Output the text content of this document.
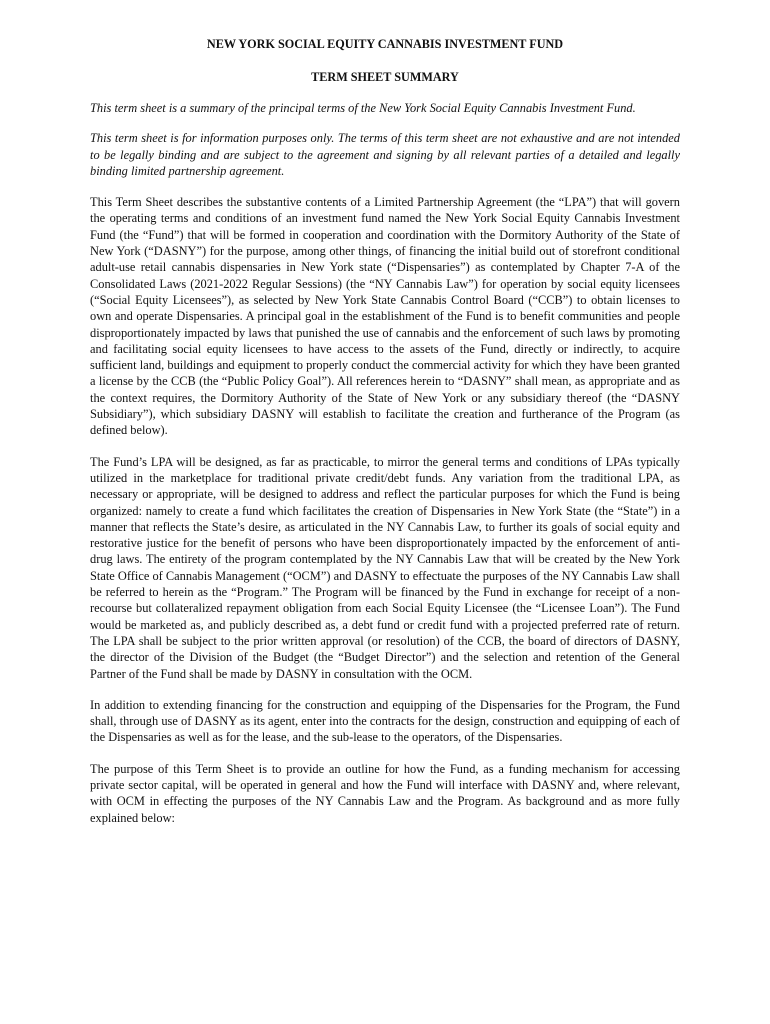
NEW YORK SOCIAL EQUITY CANNABIS INVESTMENT FUND
TERM SHEET SUMMARY

This term sheet is a summary of the principal terms of the New York Social Equity Cannabis Investment Fund.

This term sheet is for information purposes only. The terms of this term sheet are not exhaustive and are not intended to be legally binding and are subject to the agreement and signing by all relevant parties of a detailed and legally binding limited partnership agreement.

This Term Sheet describes the substantive contents of a Limited Partnership Agreement (the “LPA”) that will govern the operating terms and conditions of an investment fund named the New York Social Equity Cannabis Investment Fund (the “Fund”) that will be formed in cooperation and coordination with the Dormitory Authority of the State of New York (“DASNY”) for the purpose, among other things, of financing the initial build out of storefront conditional adult-use retail cannabis dispensaries in New York state (“Dispensaries”) as contemplated by Chapter 7-A of the Consolidated Laws (2021-2022 Regular Sessions) (the “NY Cannabis Law”) for operation by social equity licensees (“Social Equity Licensees”), as selected by New York State Cannabis Control Board (“CCB”) to obtain licenses to own and operate Dispensaries. A principal goal in the establishment of the Fund is to benefit communities and people disproportionately impacted by laws that punished the use of cannabis and the enforcement of such laws by promoting and facilitating social equity licensees to have access to the assets of the Fund, directly or indirectly, to acquire sufficient land, buildings and equipment to properly conduct the commercial activity for which they have been granted a license by the CCB (the “Public Policy Goal”). All references herein to “DASNY” shall mean, as appropriate and as the context requires, the Dormitory Authority of the State of New York or any subsidiary thereof (the “DASNY Subsidiary”), which subsidiary DASNY will establish to facilitate the creation and furtherance of the Program (as defined below).

The Fund’s LPA will be designed, as far as practicable, to mirror the general terms and conditions of LPAs typically utilized in the marketplace for traditional private credit/debt funds. Any variation from the traditional LPA, as necessary or appropriate, will be designed to address and reflect the particular purposes for which the Fund is being organized: namely to create a fund which facilitates the creation of Dispensaries in New York State (the “State”) in a manner that reflects the State’s desire, as articulated in the NY Cannabis Law, to further its goals of social equity and restorative justice for the benefit of persons who have been disproportionately impacted by the enforcement of anti-drug laws. The entirety of the program contemplated by the NY Cannabis Law that will be created by the New York State Office of Cannabis Management (“OCM”) and DASNY to effectuate the purposes of the NY Cannabis Law shall be referred to herein as the “Program.” The Program will be financed by the Fund in exchange for receipt of a non-recourse but collateralized repayment obligation from each Social Equity Licensee (the “Licensee Loan”). The Fund would be marketed as, and publicly described as, a debt fund or credit fund with a projected preferred rate of return. The LPA shall be subject to the prior written approval (or resolution) of the CCB, the board of directors of DASNY, the director of the Division of the Budget (the “Budget Director”) and the selection and retention of the General Partner of the Fund shall be made by DASNY in consultation with the OCM.

In addition to extending financing for the construction and equipping of the Dispensaries for the Program, the Fund shall, through use of DASNY as its agent, enter into the contracts for the design, construction and equipping of each of the Dispensaries as well as for the lease, and the sub-lease to the operators, of the Dispensaries.

The purpose of this Term Sheet is to provide an outline for how the Fund, as a funding mechanism for accessing private sector capital, will be operated in general and how the Fund will interface with DASNY and, where relevant, with OCM in effecting the purposes of the NY Cannabis Law and the Program. As background and as more fully explained below:
